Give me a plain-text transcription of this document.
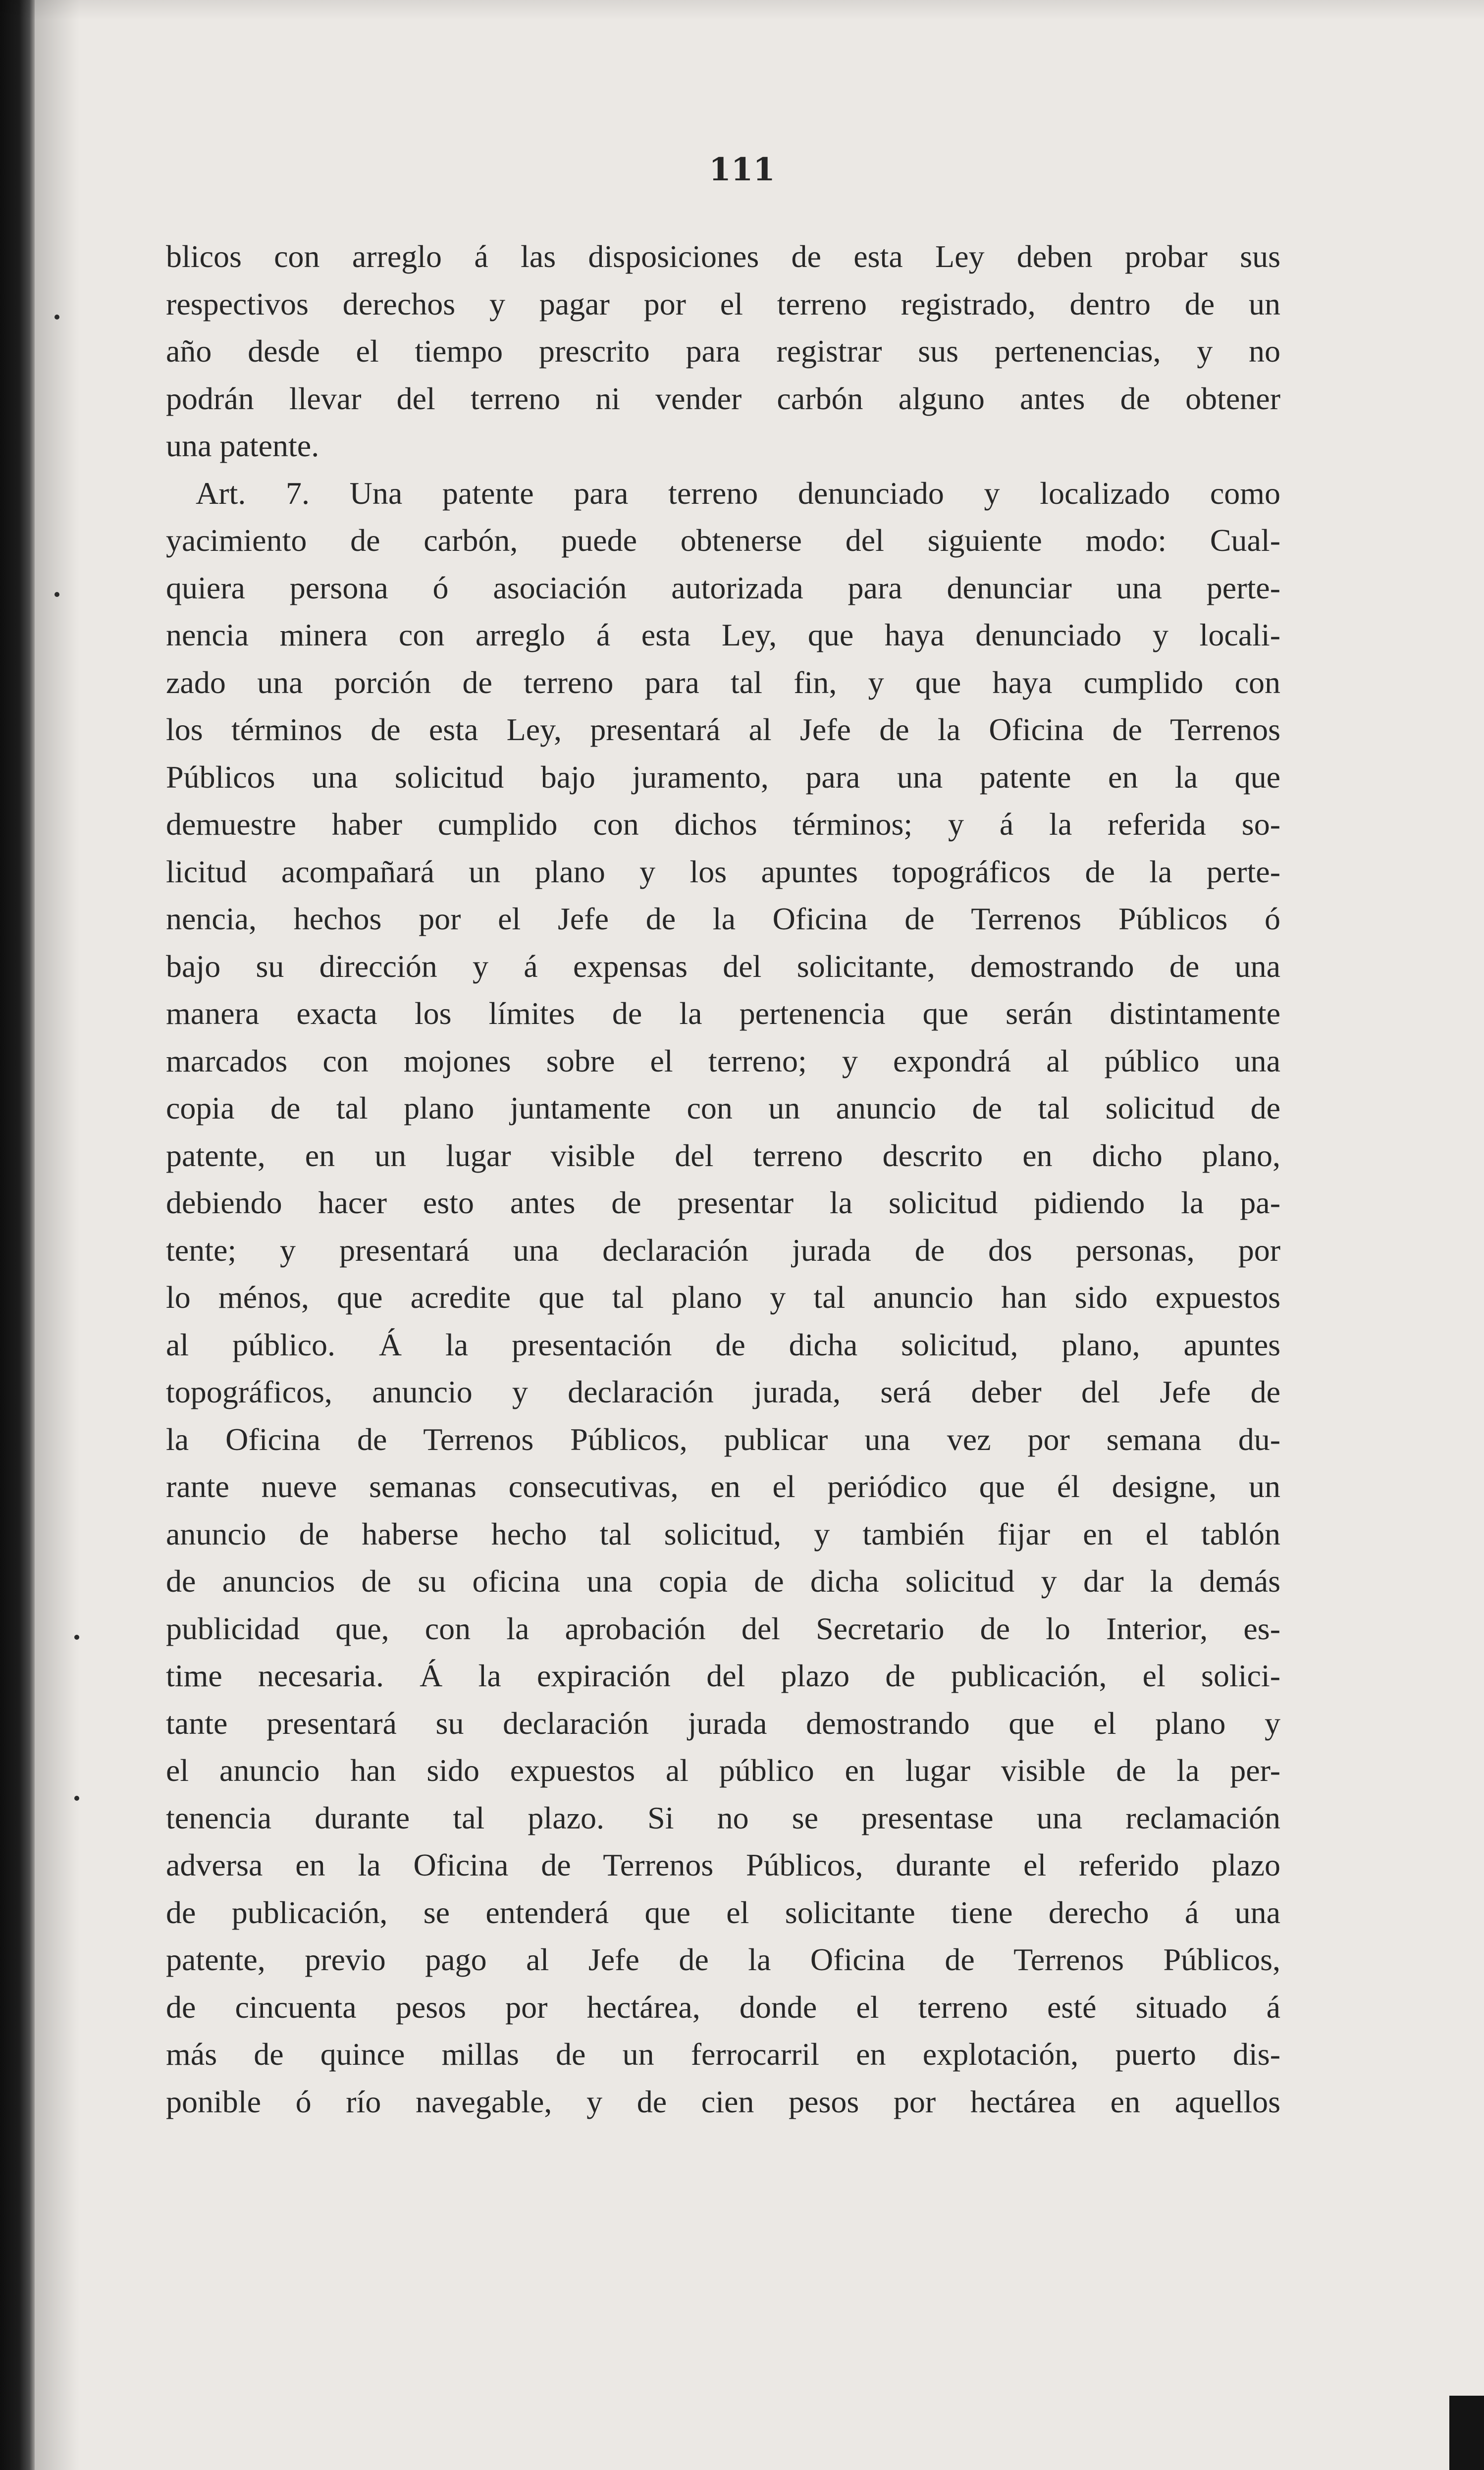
111
blicos con arreglo á las disposiciones de esta Ley deben probar sus
respectivos derechos y pagar por el terreno registrado, dentro de un
año desde el tiempo prescrito para registrar sus pertenencias, y no
podrán llevar del terreno ni vender carbón alguno antes de obtener
una patente.
Art. 7. Una patente para terreno denunciado y localizado como
yacimiento de carbón, puede obtenerse del siguiente modo: Cual-
quiera persona ó asociación autorizada para denunciar una perte-
nencia minera con arreglo á esta Ley, que haya denunciado y locali-
zado una porción de terreno para tal fin, y que haya cumplido con
los términos de esta Ley, presentará al Jefe de la Oficina de Terrenos
Públicos una solicitud bajo juramento, para una patente en la que
demuestre haber cumplido con dichos términos; y á la referida so-
licitud acompañará un plano y los apuntes topográficos de la perte-
nencia, hechos por el Jefe de la Oficina de Terrenos Públicos ó
bajo su dirección y á expensas del solicitante, demostrando de una
manera exacta los límites de la pertenencia que serán distintamente
marcados con mojones sobre el terreno; y expondrá al público una
copia de tal plano juntamente con un anuncio de tal solicitud de
patente, en un lugar visible del terreno descrito en dicho plano,
debiendo hacer esto antes de presentar la solicitud pidiendo la pa-
tente; y presentará una declaración jurada de dos personas, por
lo ménos, que acredite que tal plano y tal anuncio han sido expuestos
al público. Á la presentación de dicha solicitud, plano, apuntes
topográficos, anuncio y declaración jurada, será deber del Jefe de
la Oficina de Terrenos Públicos, publicar una vez por semana du-
rante nueve semanas consecutivas, en el periódico que él designe, un
anuncio de haberse hecho tal solicitud, y también fijar en el tablón
de anuncios de su oficina una copia de dicha solicitud y dar la demás
publicidad que, con la aprobación del Secretario de lo Interior, es-
time necesaria. Á la expiración del plazo de publicación, el solici-
tante presentará su declaración jurada demostrando que el plano y
el anuncio han sido expuestos al público en lugar visible de la per-
tenencia durante tal plazo. Si no se presentase una reclamación
adversa en la Oficina de Terrenos Públicos, durante el referido plazo
de publicación, se entenderá que el solicitante tiene derecho á una
patente, previo pago al Jefe de la Oficina de Terrenos Públicos,
de cincuenta pesos por hectárea, donde el terreno esté situado á
más de quince millas de un ferrocarril en explotación, puerto dis-
ponible ó río navegable, y de cien pesos por hectárea en aquellos
